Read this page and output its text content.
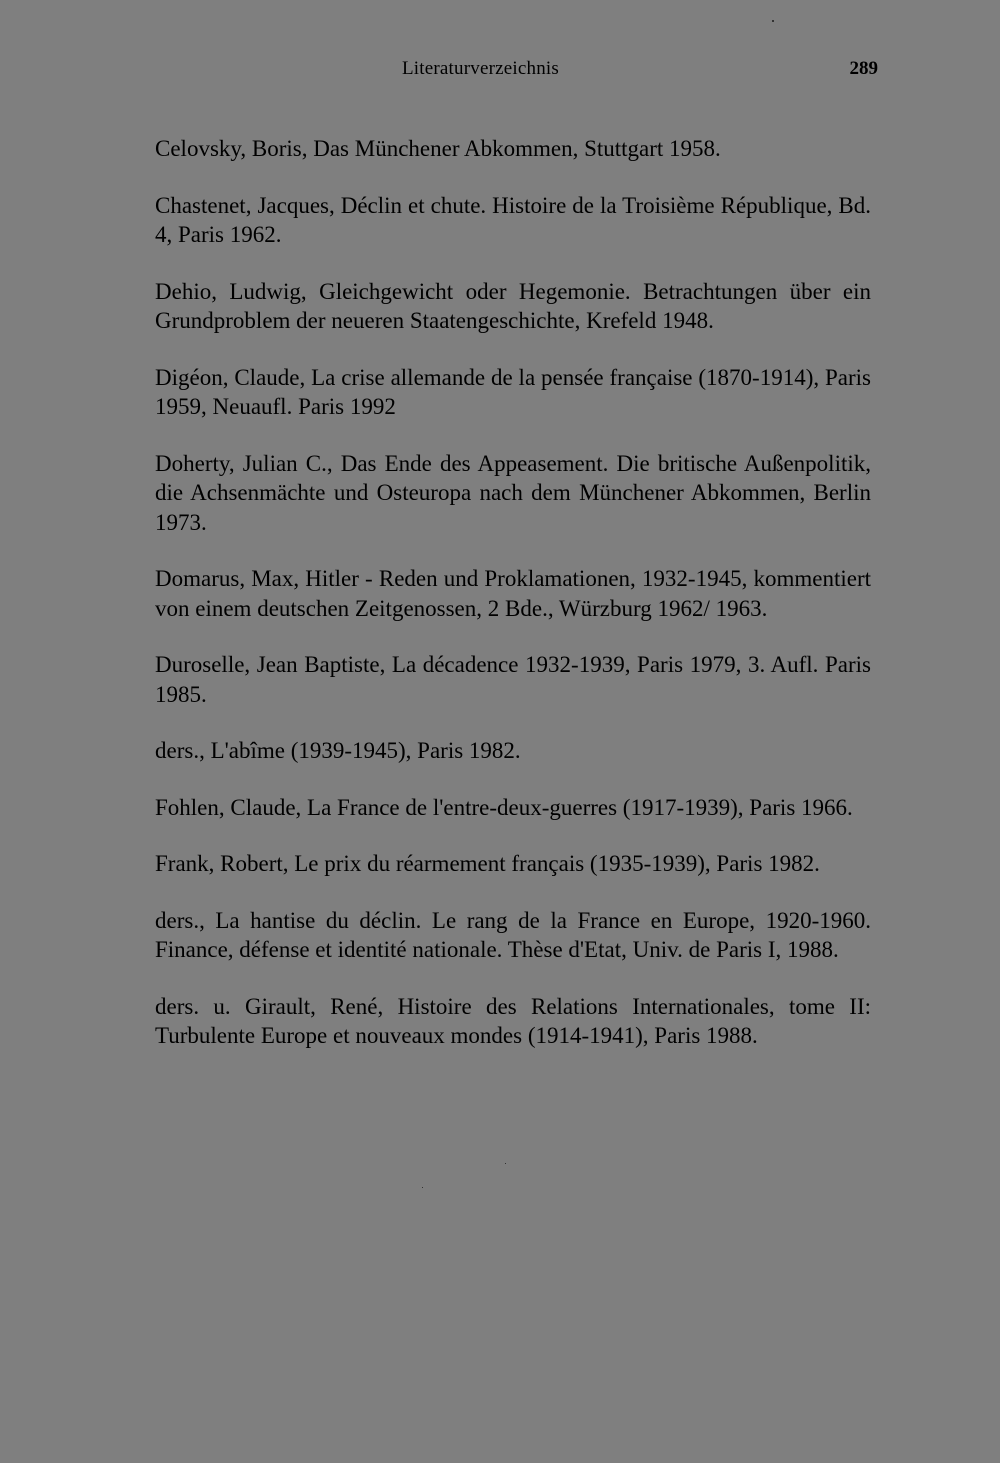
Literaturverzeichnis	289
Celovsky, Boris, Das Münchener Abkommen, Stuttgart 1958.
Chastenet, Jacques, Déclin et chute. Histoire de la Troisième République, Bd. 4, Paris 1962.
Dehio, Ludwig, Gleichgewicht oder Hegemonie. Betrachtungen über ein Grundproblem der neueren Staatengeschichte, Krefeld 1948.
Digéon, Claude, La crise allemande de la pensée française (1870-1914), Paris 1959, Neuaufl. Paris 1992
Doherty, Julian C., Das Ende des Appeasement. Die britische Außenpolitik, die Achsenmächte und Osteuropa nach dem Münchener Abkommen, Berlin 1973.
Domarus, Max, Hitler - Reden und Proklamationen, 1932-1945, kommentiert von einem deutschen Zeitgenossen, 2 Bde., Würzburg 1962/ 1963.
Duroselle, Jean Baptiste, La décadence 1932-1939, Paris 1979, 3. Aufl. Paris 1985.
ders., L'abîme (1939-1945), Paris 1982.
Fohlen, Claude, La France de l'entre-deux-guerres (1917-1939), Paris 1966.
Frank, Robert, Le prix du réarmement français (1935-1939), Paris 1982.
ders., La hantise du déclin. Le rang de la France en Europe, 1920-1960. Finance, défense et identité nationale. Thèse d'Etat, Univ. de Paris I, 1988.
ders. u. Girault, René, Histoire des Relations Internationales, tome II: Turbulente Europe et nouveaux mondes (1914-1941), Paris 1988.
